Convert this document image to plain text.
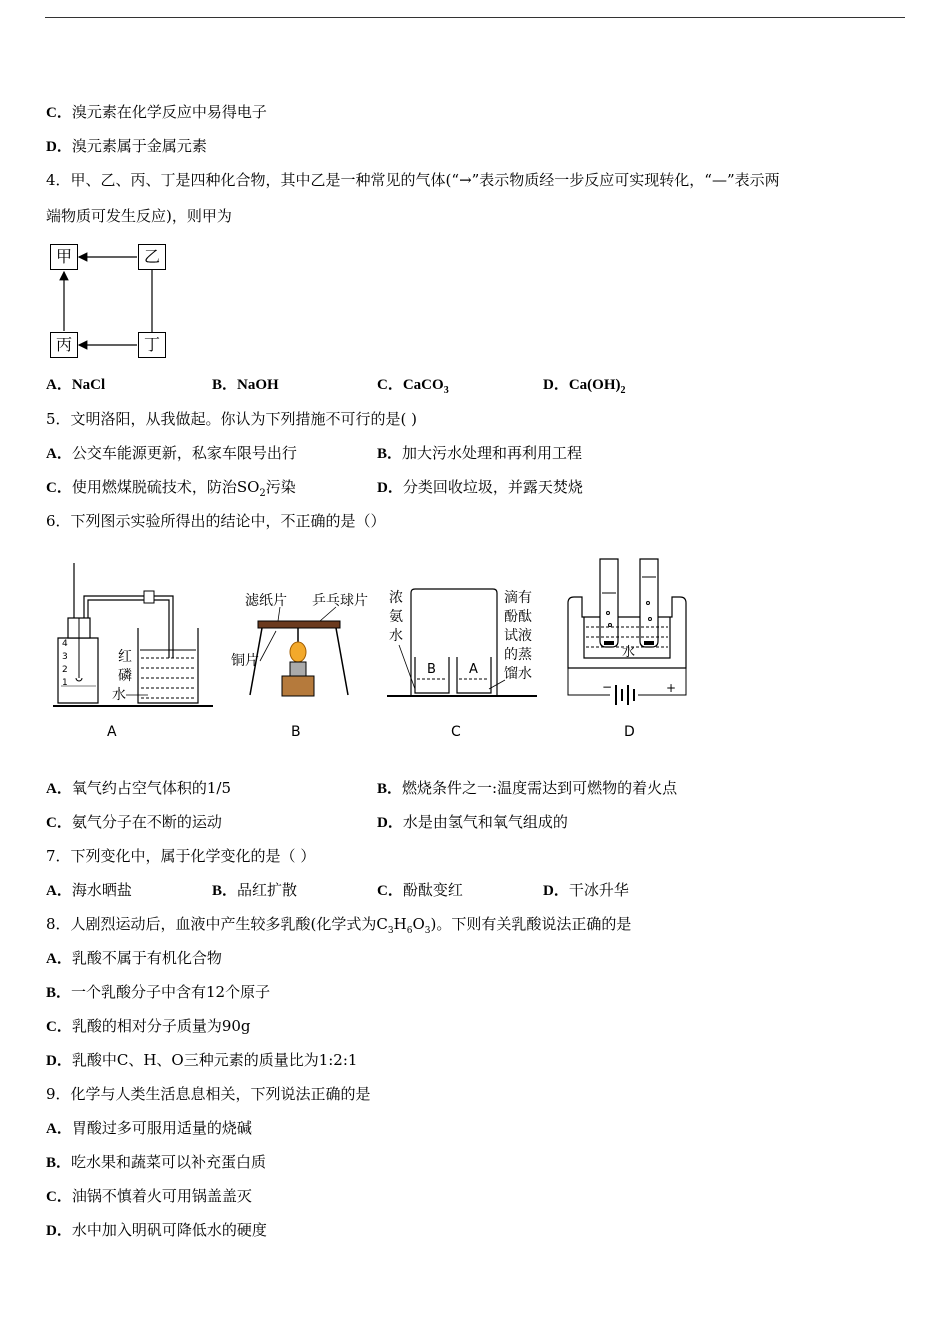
C．溴元素在化学反应中易得电子
D．溴元素属于金属元素
4．甲、乙、丙、丁是四种化合物，其中乙是一种常见的气体(“→”表示物质经一步反应可实现转化，“—”表示两
端物质可发生反应)，则甲为
甲	乙
丙	丁
A．NaCl	B．NaOH	C．CaCO$_3$	D．$Ca(OH)_2$
5．文明洛阳，从我做起。你认为下列措施不可行的是( )
A．公交车能源更新，私家车限号出行	B．加大污水处理和再利用工程
C．使用燃煤脱硫技术，防治$SO_2$污染	D．分类回收垃圾，并露天焚烧
6．下列图示实验所得出的结论中，不正确的是（）
4
3
2
1
红
磷
水
A
滤纸片 乒乓球片
铜片
B
浓
氨
水
滴有
酚酞
试液
的蒸
馏水
B	A
C
水
−	+
D
A．氧气约占空气体积的1/5	B．燃烧条件之一:温度需达到可燃物的着火点
C．氨气分子在不断的运动	D．水是由氢气和氧气组成的
7．下列变化中，属于化学变化的是（ ）
A．海水晒盐	B．品红扩散	C．酚酞变红	D．干冰升华
8．人剧烈运动后，血液中产生较多乳酸(化学式为$C_3H_6O_3$)。下则有关乳酸说法正确的是
A．乳酸不属于有机化合物
B．一个乳酸分子中含有12个原子
C．乳酸的相对分子质量为90g
D．乳酸中C、H、O三种元素的质量比为1:2:1
9．化学与人类生活息息相关，下列说法正确的是
A．胃酸过多可服用适量的烧碱
B．吃水果和蔬菜可以补充蛋白质
C．油锅不慎着火可用锅盖盖灭
D．水中加入明矾可降低水的硬度
